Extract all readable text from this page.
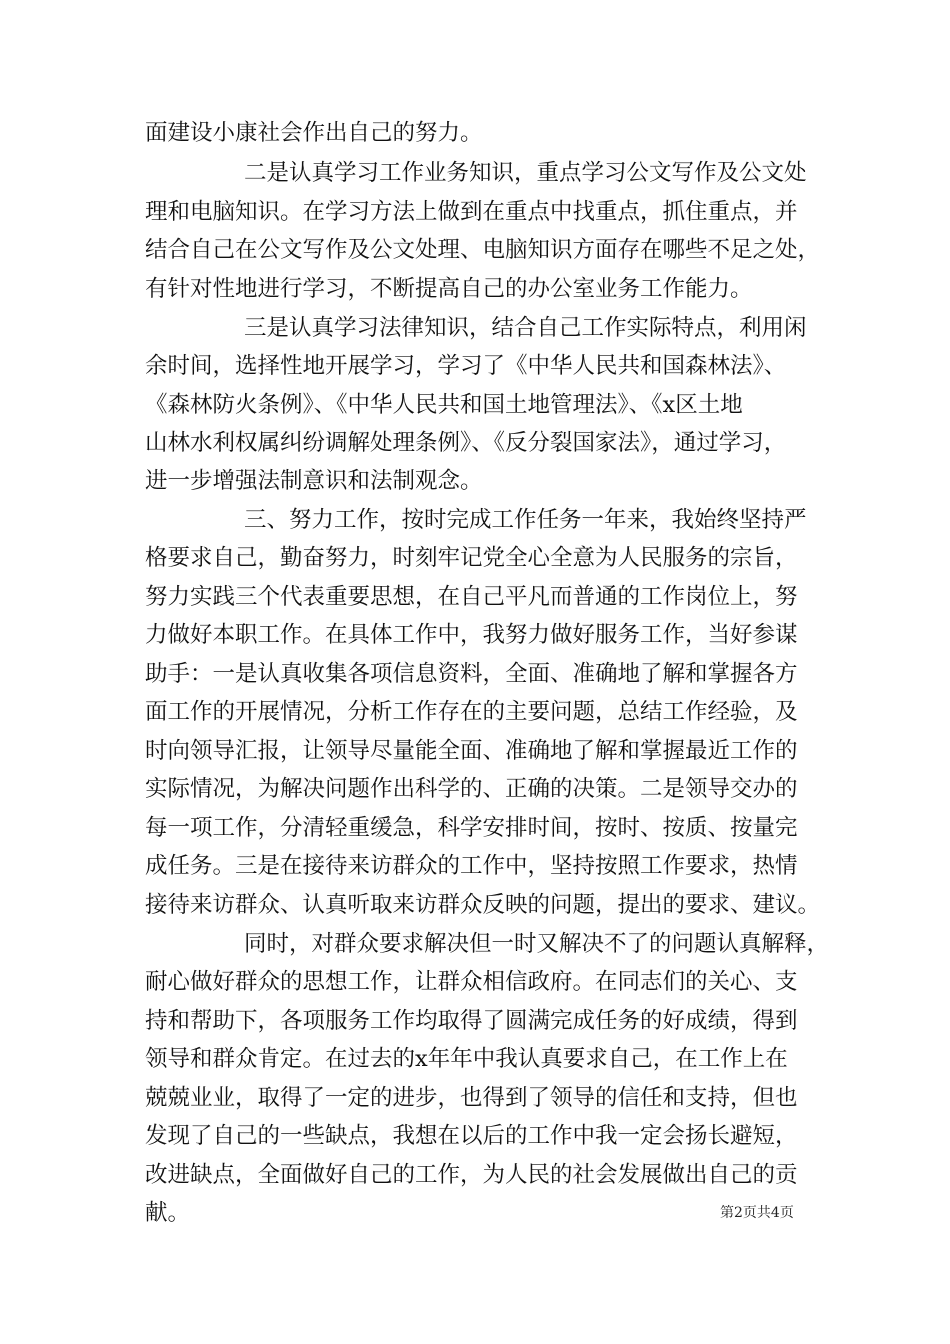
面建设小康社会作出自己的努力。

二是认真学习工作业务知识，重点学习公文写作及公文处

理和电脑知识。在学习方法上做到在重点中找重点，抓住重点，并

结合自己在公文写作及公文处理、电脑知识方面存在哪些不足之处，

有针对性地进行学习，不断提高自己的办公室业务工作能力。

三是认真学习法律知识，结合自己工作实际特点，利用闲

余时间，选择性地开展学习，学习了《中华人民共和国森林法》、

《森林防火条例》、《中华人民共和国土地管理法》、《x区土地

山林水利权属纠纷调解处理条例》、《反分裂国家法》，通过学习，

进一步增强法制意识和法制观念。

三、努力工作，按时完成工作任务一年来，我始终坚持严

格要求自己，勤奋努力，时刻牢记党全心全意为人民服务的宗旨，

努力实践三个代表重要思想，在自己平凡而普通的工作岗位上，努

力做好本职工作。在具体工作中，我努力做好服务工作，当好参谋

助手：一是认真收集各项信息资料，全面、准确地了解和掌握各方

面工作的开展情况，分析工作存在的主要问题，总结工作经验，及

时向领导汇报，让领导尽量能全面、准确地了解和掌握最近工作的

实际情况，为解决问题作出科学的、正确的决策。二是领导交办的

每一项工作，分清轻重缓急，科学安排时间，按时、按质、按量完

成任务。三是在接待来访群众的工作中，坚持按照工作要求，热情

接待来访群众、认真听取来访群众反映的问题，提出的要求、建议。

同时，对群众要求解决但一时又解决不了的问题认真解释，

耐心做好群众的思想工作，让群众相信政府。在同志们的关心、支

持和帮助下，各项服务工作均取得了圆满完成任务的好成绩，得到

领导和群众肯定。在过去的x年年中我认真要求自己，在工作上在

兢兢业业，取得了一定的进步，也得到了领导的信任和支持，但也

发现了自己的一些缺点，我想在以后的工作中我一定会扬长避短，

改进缺点，全面做好自己的工作，为人民的社会发展做出自己的贡

献。	第2页共4页
